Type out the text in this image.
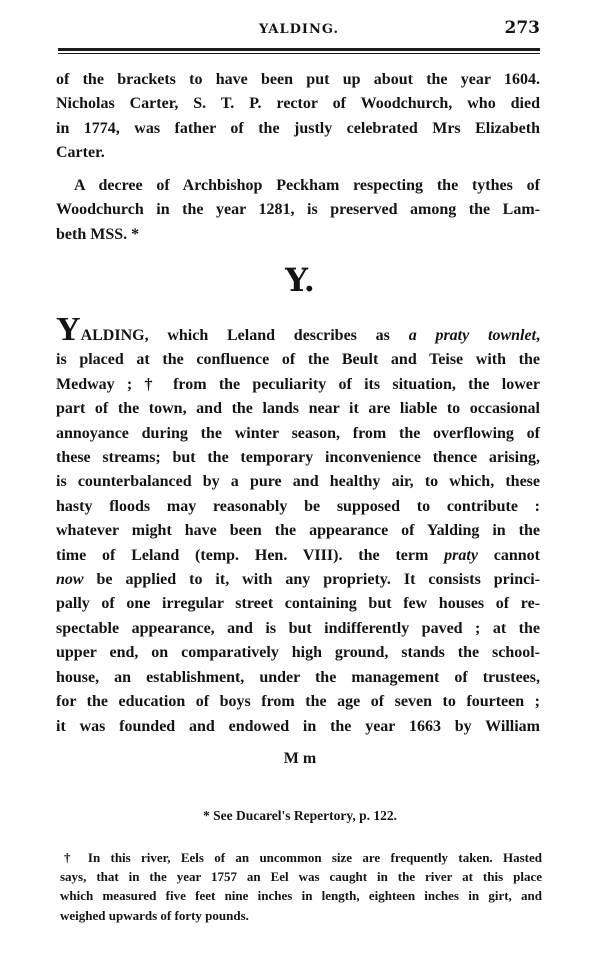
YALDING.	273
of the brackets to have been put up about the year 1604.
Nicholas Carter, S. T. P. rector of Woodchurch, who died
in 1774, was father of the justly celebrated Mrs Elizabeth
Carter.
A decree of Archbishop Peckham respecting the tythes of
Woodchurch in the year 1281, is preserved among the Lam-
beth MSS. *
Y.
YALDING, which Leland describes as a praty townlet,
is placed at the confluence of the Beult and Teise with the
Medway ; † from the peculiarity of its situation, the lower
part of the town, and the lands near it are liable to occasional
annoyance during the winter season, from the overflowing of
these streams; but the temporary inconvenience thence arising,
is counterbalanced by a pure and healthy air, to which, these
hasty floods may reasonably be supposed to contribute :
whatever might have been the appearance of Yalding in the
time of Leland (temp. Hen. VIII). the term praty cannot
now be applied to it, with any propriety. It consists princi-
pally of one irregular street containing but few houses of re-
spectable appearance, and is but indifferently paved ; at the
upper end, on comparatively high ground, stands the school-
house, an establishment, under the management of trustees,
for the education of boys from the age of seven to fourteen ;
it was founded and endowed in the year 1663 by William
M m
* See Ducarel's Repertory, p. 122.
† In this river, Eels of an uncommon size are frequently taken. Hasted
says, that in the year 1757 an Eel was caught in the river at this place
which measured five feet nine inches in length, eighteen inches in girt, and
weighed upwards of forty pounds.
